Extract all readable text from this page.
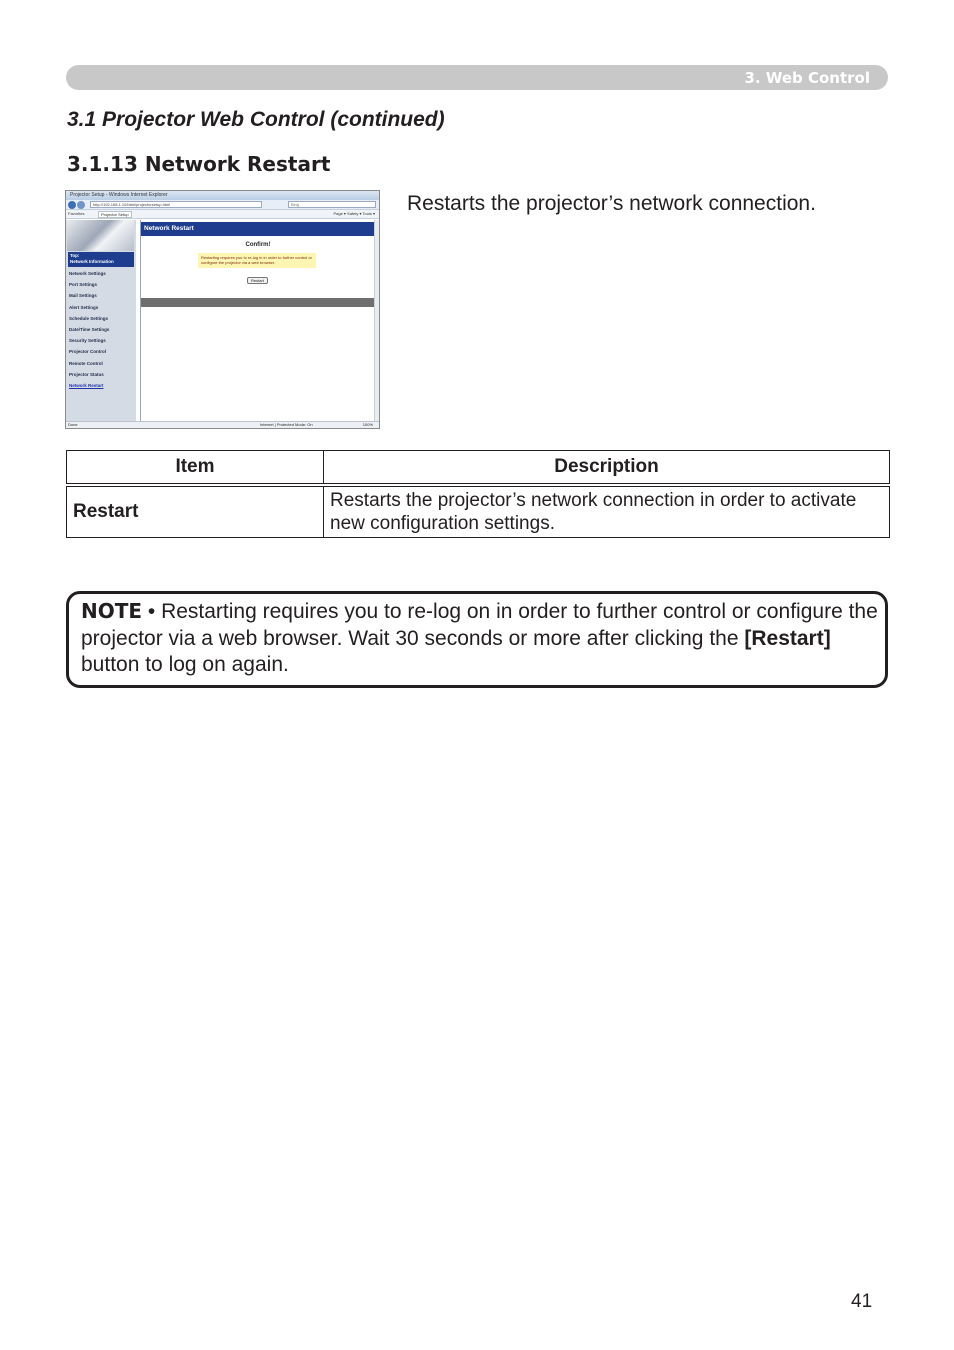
3. Web Control
3.1 Projector Web Control (continued)
3.1.13 Network Restart
Projector Setup - Windows Internet Explorer
http://192.168.1.10/html/projectorsetup.html	Bing
Favorites	Projector Setup	Page ▾ Safety ▾ Tools ▾
Top:
Network Information
Network Settings
Port Settings
Mail Settings
Alert Settings
Schedule Settings
Date/Time Settings
Security Settings
Projector Control
Remote Control
Projector Status
Network Restart
Network Restart
Confirm!
Restarting requires you to re-log in in order to further control or configure the projector via a web browser.
Restart
Done	Internet | Protected Mode: On	100%
Restarts the projector’s network connection.
Item	Description
Restart	Restarts the projector’s network connection in order to activate new configuration settings.
NOTE • Restarting requires you to re-log on in order to further control or configure the projector via a web browser. Wait 30 seconds or more after clicking the [Restart] button to log on again.
41
